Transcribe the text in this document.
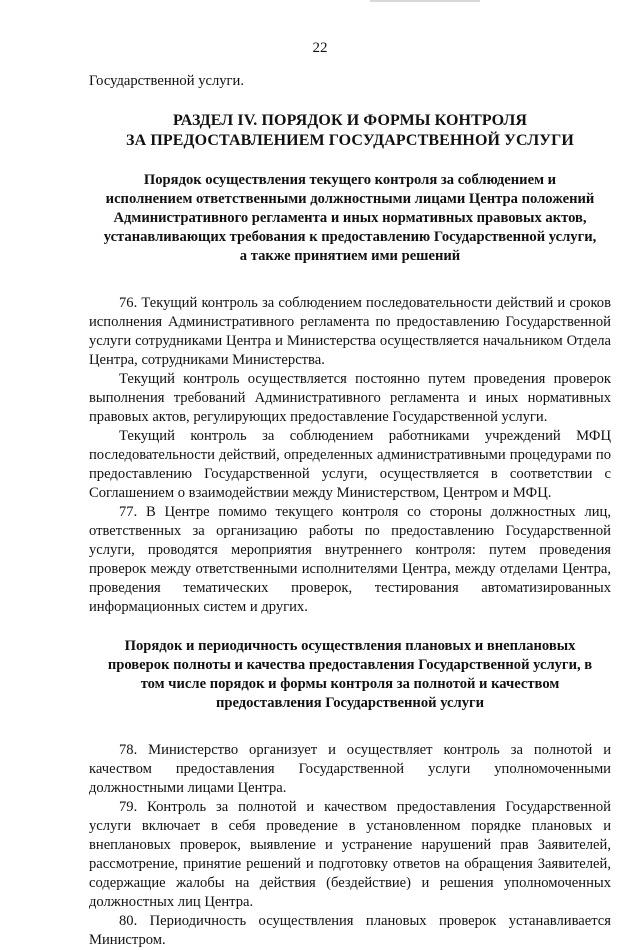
22

Государственной услуги.

РАЗДЕЛ IV. ПОРЯДОК И ФОРМЫ КОНТРОЛЯ
ЗА ПРЕДОСТАВЛЕНИЕМ ГОСУДАРСТВЕННОЙ УСЛУГИ
Порядок осуществления текущего контроля за соблюдением и
исполнением ответственными должностными лицами Центра положений
Административного регламента и иных нормативных правовых актов,
устанавливающих требования к предоставлению Государственной услуги,
а также принятием ими решений

76. Текущий контроль за соблюдением последовательности действий и сроков исполнения Административного регламента по предоставлению Государственной услуги сотрудниками Центра и Министерства осуществляется начальником Отдела Центра, сотрудниками Министерства.

Текущий контроль осуществляется постоянно путем проведения проверок выполнения требований Административного регламента и иных нормативных правовых актов, регулирующих предоставление Государственной услуги.

Текущий контроль за соблюдением работниками учреждений МФЦ последовательности действий, определенных административными процедурами по предоставлению Государственной услуги, осуществляется в соответствии с Соглашением о взаимодействии между Министерством, Центром и МФЦ.

77. В Центре помимо текущего контроля со стороны должностных лиц, ответственных за организацию работы по предоставлению Государственной услуги, проводятся мероприятия внутреннего контроля: путем проведения проверок между ответственными исполнителями Центра, между отделами Центра, проведения тематических проверок, тестирования автоматизированных информационных систем и других.

Порядок и периодичность осуществления плановых и внеплановых
проверок полноты и качества предоставления Государственной услуги, в
том числе порядок и формы контроля за полнотой и качеством
предоставления Государственной услуги

78. Министерство организует и осуществляет контроль за полнотой и качеством предоставления Государственной услуги уполномоченными должностными лицами Центра.

79. Контроль за полнотой и качеством предоставления Государственной услуги включает в себя проведение в установленном порядке плановых и внеплановых проверок, выявление и устранение нарушений прав Заявителей, рассмотрение, принятие решений и подготовку ответов на обращения Заявителей, содержащие жалобы на действия (бездействие) и решения уполномоченных должностных лиц Центра.

80. Периодичность осуществления плановых проверок устанавливается Министром.
